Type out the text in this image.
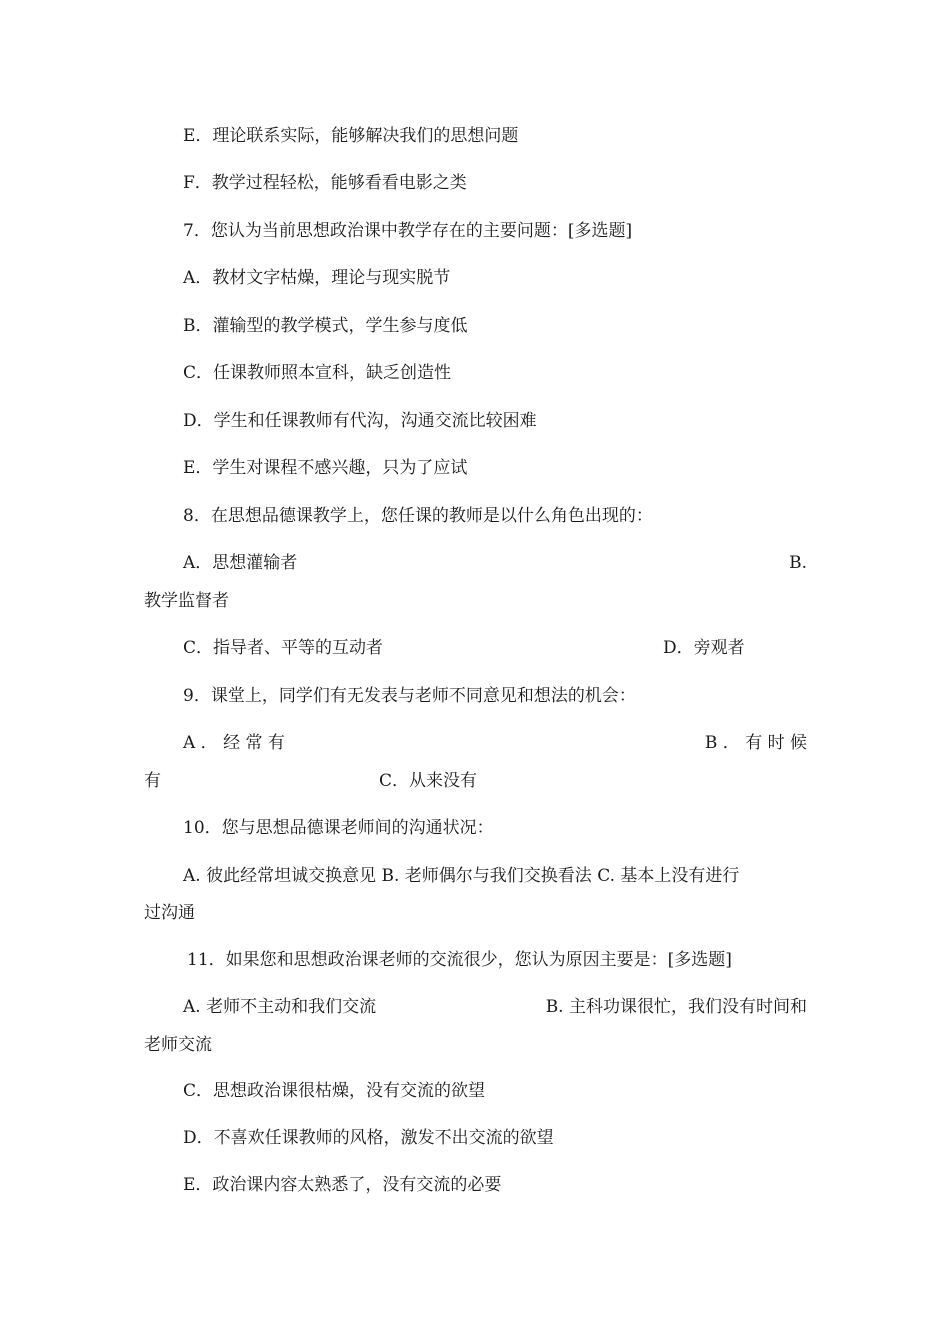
E．理论联系实际，能够解决我们的思想问题
F．教学过程轻松，能够看看电影之类
7．您认为当前思想政治课中教学存在的主要问题：[多选题]
A．教材文字枯燥，理论与现实脱节
B．灌输型的教学模式，学生参与度低
C．任课教师照本宣科，缺乏创造性
D．学生和任课教师有代沟，沟通交流比较困难
E．学生对课程不感兴趣，只为了应试
8．在思想品德课教学上，您任课的教师是以什么角色出现的：
A．思想灌输者	B.
教学监督者
C．指导者、平等的互动者	D．旁观者
9．课堂上，同学们有无发表与老师不同意见和想法的机会：
A ． 经 常 有	B ． 有 时 候
有	C．从来没有
10．您与思想品德课老师间的沟通状况：
A. 彼此经常坦诚交换意见 B. 老师偶尔与我们交换看法 C. 基本上没有进行
过沟通
11．如果您和思想政治课老师的交流很少，您认为原因主要是：[多选题]
A. 老师不主动和我们交流	B. 主科功课很忙，我们没有时间和
老师交流
C．思想政治课很枯燥，没有交流的欲望
D．不喜欢任课教师的风格，激发不出交流的欲望
E．政治课内容太熟悉了，没有交流的必要
